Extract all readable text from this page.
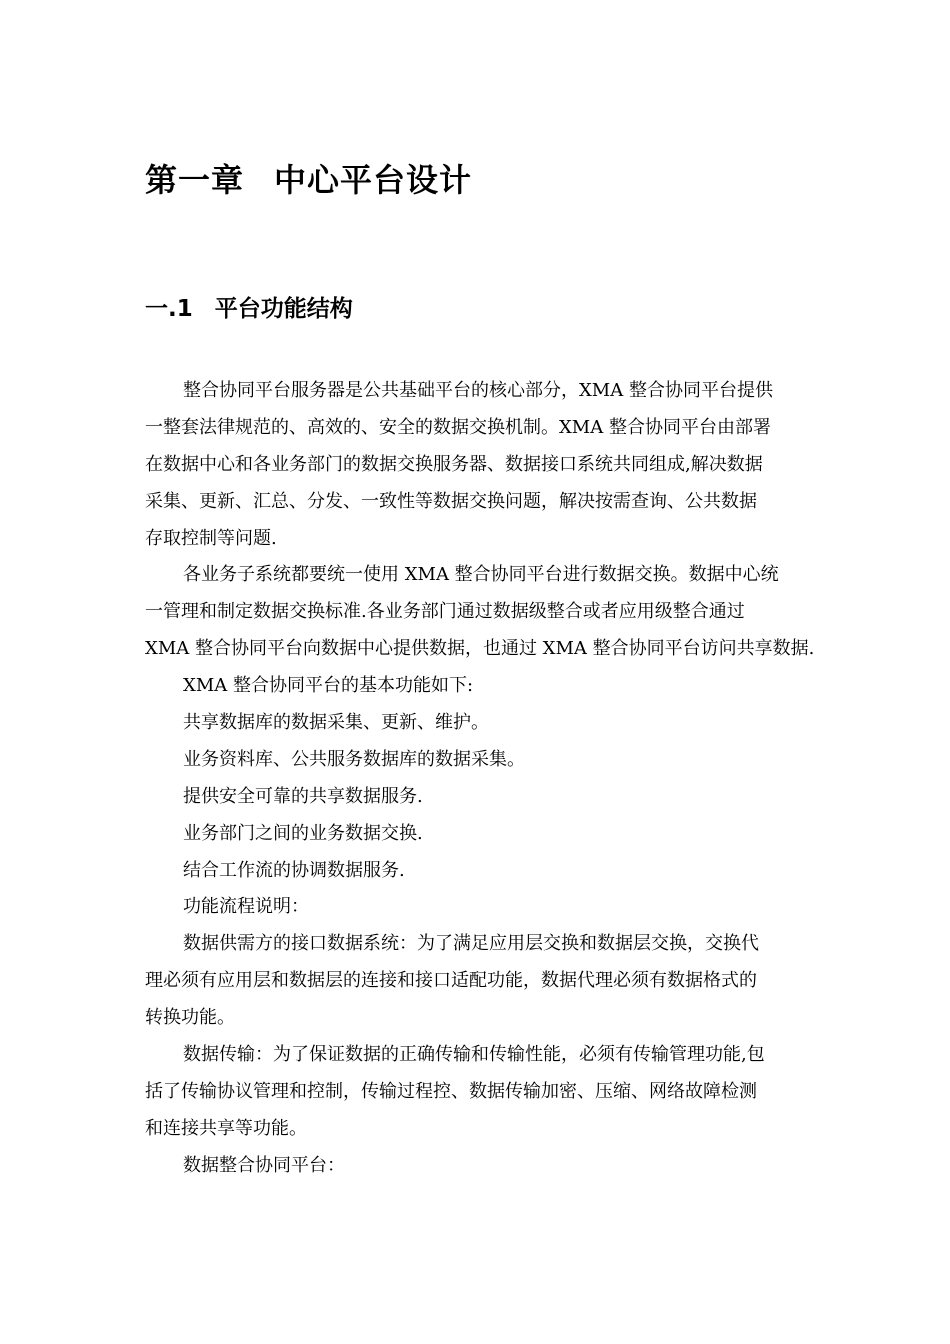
第一章 中心平台设计
一.1 平台功能结构
整合协同平台服务器是公共基础平台的核心部分，XMA 整合协同平台提供
一整套法律规范的、高效的、安全的数据交换机制。XMA 整合协同平台由部署
在数据中心和各业务部门的数据交换服务器、数据接口系统共同组成,解决数据
采集、更新、汇总、分发、一致性等数据交换问题，解决按需查询、公共数据
存取控制等问题.
各业务子系统都要统一使用 XMA 整合协同平台进行数据交换。数据中心统
一管理和制定数据交换标准.各业务部门通过数据级整合或者应用级整合通过
XMA 整合协同平台向数据中心提供数据，也通过 XMA 整合协同平台访问共享数据.
XMA 整合协同平台的基本功能如下:
共享数据库的数据采集、更新、维护。
业务资料库、公共服务数据库的数据采集。
提供安全可靠的共享数据服务.
业务部门之间的业务数据交换.
结合工作流的协调数据服务.
功能流程说明：
数据供需方的接口数据系统：为了满足应用层交换和数据层交换，交换代
理必须有应用层和数据层的连接和接口适配功能，数据代理必须有数据格式的
转换功能。
数据传输：为了保证数据的正确传输和传输性能，必须有传输管理功能,包
括了传输协议管理和控制，传输过程控、数据传输加密、压缩、网络故障检测
和连接共享等功能。
数据整合协同平台：
